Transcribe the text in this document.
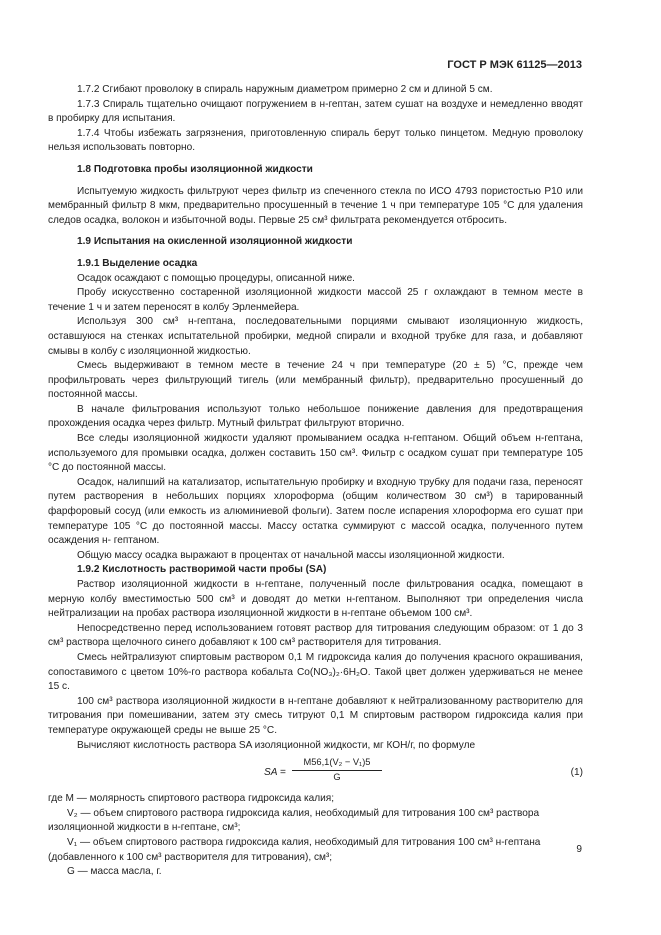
ГОСТ Р МЭК 61125—2013

1.7.2 Сгибают проволоку в спираль наружным диаметром примерно 2 см и длиной 5 см.

1.7.3 Спираль тщательно очищают погружением в н-гептан, затем сушат на воздухе и немедленно вводят в пробирку для испытания.

1.7.4 Чтобы избежать загрязнения, приготовленную спираль берут только пинцетом. Медную проволоку нельзя использовать повторно.

1.8 Подготовка пробы изоляционной жидкости

Испытуемую жидкость фильтруют через фильтр из спеченного стекла по ИСО 4793 пористостью Р10 или мембранный фильтр 8 мкм, предварительно просушенный в течение 1 ч при температуре 105 °С для удаления следов осадка, волокон и избыточной воды. Первые 25 см³ фильтрата рекомендуется отбросить.

1.9 Испытания на окисленной изоляционной жидкости

1.9.1 Выделение осадка

Осадок осаждают с помощью процедуры, описанной ниже.

Пробу искусственно состаренной изоляционной жидкости массой 25 г охлаждают в темном месте в течение 1 ч и затем переносят в колбу Эрленмейера.

Используя 300 см³ н-гептана, последовательными порциями смывают изоляционную жидкость, оставшуюся на стенках испытательной пробирки, медной спирали и входной трубке для газа, и добавляют смывы в колбу с изоляционной жидкостью.

Смесь выдерживают в темном месте в течение 24 ч при температуре (20 ± 5) °С, прежде чем профильтровать через фильтрующий тигель (или мембранный фильтр), предварительно просушенный до постоянной массы.

В начале фильтрования используют только небольшое понижение давления для предотвращения прохождения осадка через фильтр. Мутный фильтрат фильтруют вторично.

Все следы изоляционной жидкости удаляют промыванием осадка н-гептаном. Общий объем н-гептана, используемого для промывки осадка, должен составить 150 см³. Фильтр с осадком сушат при температуре 105 °С до постоянной массы.

Осадок, налипший на катализатор, испытательную пробирку и входную трубку для подачи газа, переносят путем растворения в небольших порциях хлороформа (общим количеством 30 см³) в тарированный фарфоровый сосуд (или емкость из алюминиевой фольги). Затем после испарения хлороформа его сушат при температуре 105 °С до постоянной массы. Массу остатка суммируют с массой осадка, полученного путем осаждения н- гептаном.

Общую массу осадка выражают в процентах от начальной массы изоляционной жидкости.

1.9.2 Кислотность растворимой части пробы (SA)

Раствор изоляционной жидкости в н-гептане, полученный после фильтрования осадка, помещают в мерную колбу вместимостью 500 см³ и доводят до метки н-гептаном. Выполняют три определения числа нейтрализации на пробах раствора изоляционной жидкости в н-гептане объемом 100 см³.

Непосредственно перед использованием готовят раствор для титрования следующим образом: от 1 до 3 см³ раствора щелочного синего добавляют к 100 см³ растворителя для титрования.

Смесь нейтрализуют спиртовым раствором 0,1 М гидроксида калия до получения красного окрашивания, сопоставимого с цветом 10%-го раствора кобальта Co(NO₃)₂·6H₂O. Такой цвет должен удерживаться не менее 15 с.

100 см³ раствора изоляционной жидкости в н-гептане добавляют к нейтрализованному растворителю для титрования при помешивании, затем эту смесь титруют 0,1 М спиртовым раствором гидроксида калия при температуре окружающей среды не выше 25 °С.

Вычисляют кислотность раствора SA изоляционной жидкости, мг КОН/г, по формуле

SA = $\frac{\text{M56,1(V₂ − V₁)5}}{G}$	(1)

где M — молярность спиртового раствора гидроксида калия;

V₂ — объем спиртового раствора гидроксида калия, необходимый для титрования 100 см³ раствора изоляционной жидкости в н-гептане, см³;

V₁ — объем спиртового раствора гидроксида калия, необходимый для титрования 100 см³ н-гептана (добавленного к 100 см³ растворителя для титрования), см³;

G — масса масла, г.

9
